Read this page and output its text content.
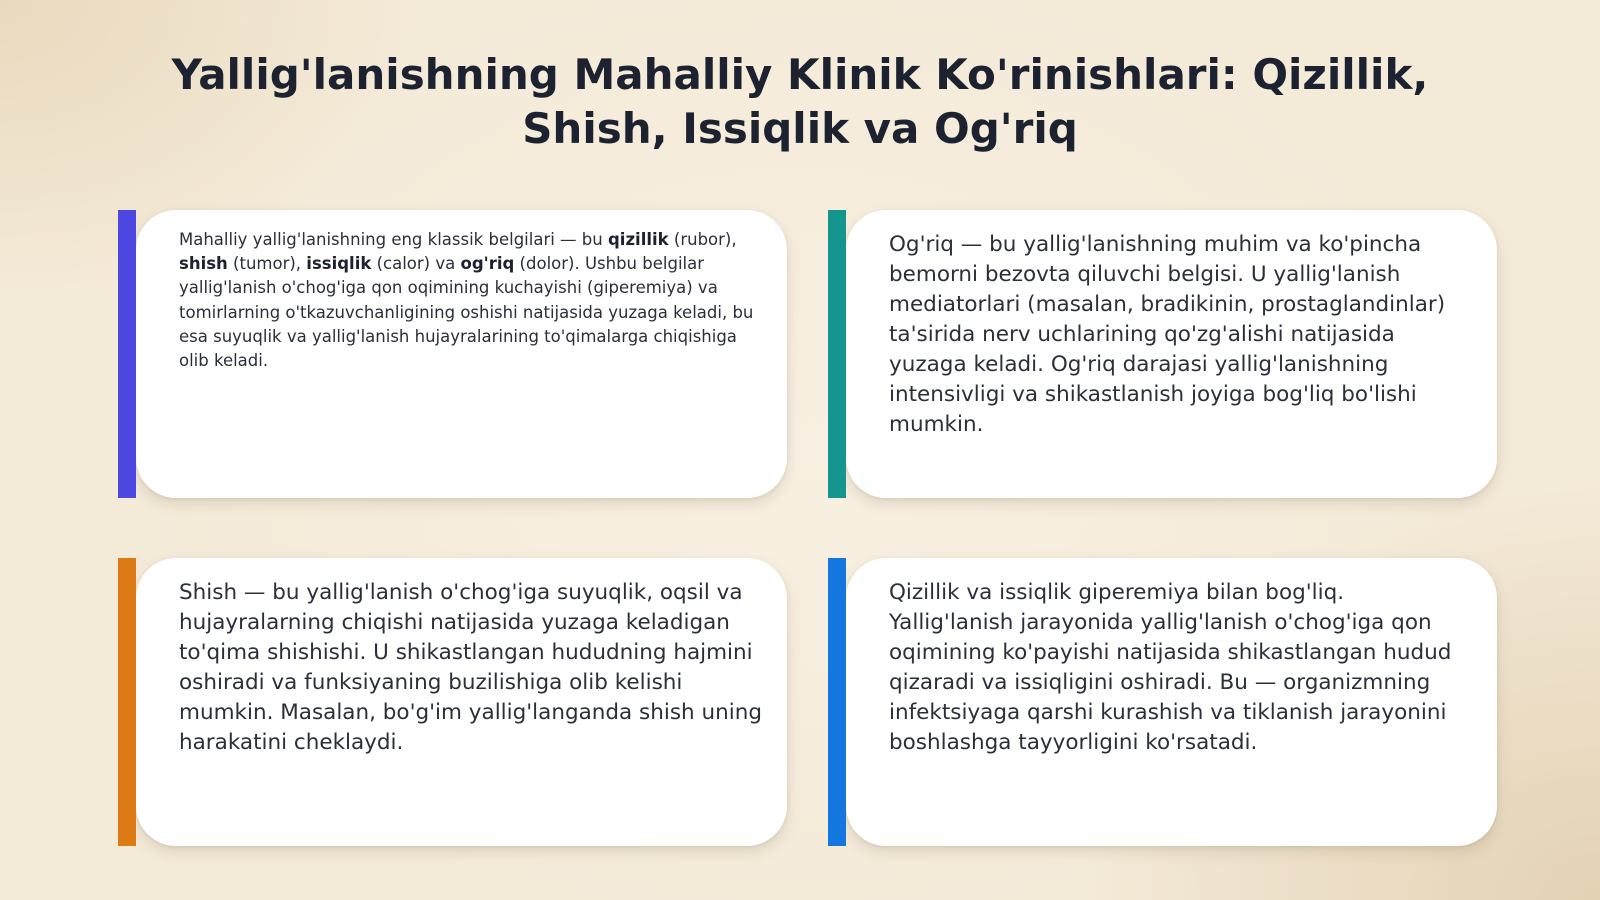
Yallig'lanishning Mahalliy Klinik Ko'rinishlari: Qizillik, Shish, Issiqlik va Og'riq

Mahalliy yallig'lanishning eng klassik belgilari — bu qizillik (rubor), shish (tumor), issiqlik (calor) va og'riq (dolor). Ushbu belgilar yallig'lanish o'chog'iga qon oqimining kuchayishi (giperemiya) va tomirlarning o'tkazuvchanligining oshishi natijasida yuzaga keladi, bu esa suyuqlik va yallig'lanish hujayralarining to'qimalarga chiqishiga olib keladi.

Og'riq — bu yallig'lanishning muhim va ko'pincha bemorni bezovta qiluvchi belgisi. U yallig'lanish mediatorlari (masalan, bradikinin, prostaglandinlar) ta'sirida nerv uchlarining qo'zg'alishi natijasida yuzaga keladi. Og'riq darajasi yallig'lanishning intensivligi va shikastlanish joyiga bog'liq bo'lishi mumkin.

Shish — bu yallig'lanish o'chog'iga suyuqlik, oqsil va hujayralarning chiqishi natijasida yuzaga keladigan to'qima shishishi. U shikastlangan hududning hajmini oshiradi va funksiyaning buzilishiga olib kelishi mumkin. Masalan, bo'g'im yallig'langanda shish uning harakatini cheklaydi.

Qizillik va issiqlik giperemiya bilan bog'liq. Yallig'lanish jarayonida yallig'lanish o'chog'iga qon oqimining ko'payishi natijasida shikastlangan hudud qizaradi va issiqligini oshiradi. Bu — organizmning infektsiyaga qarshi kurashish va tiklanish jarayonini boshlashga tayyorligini ko'rsatadi.
